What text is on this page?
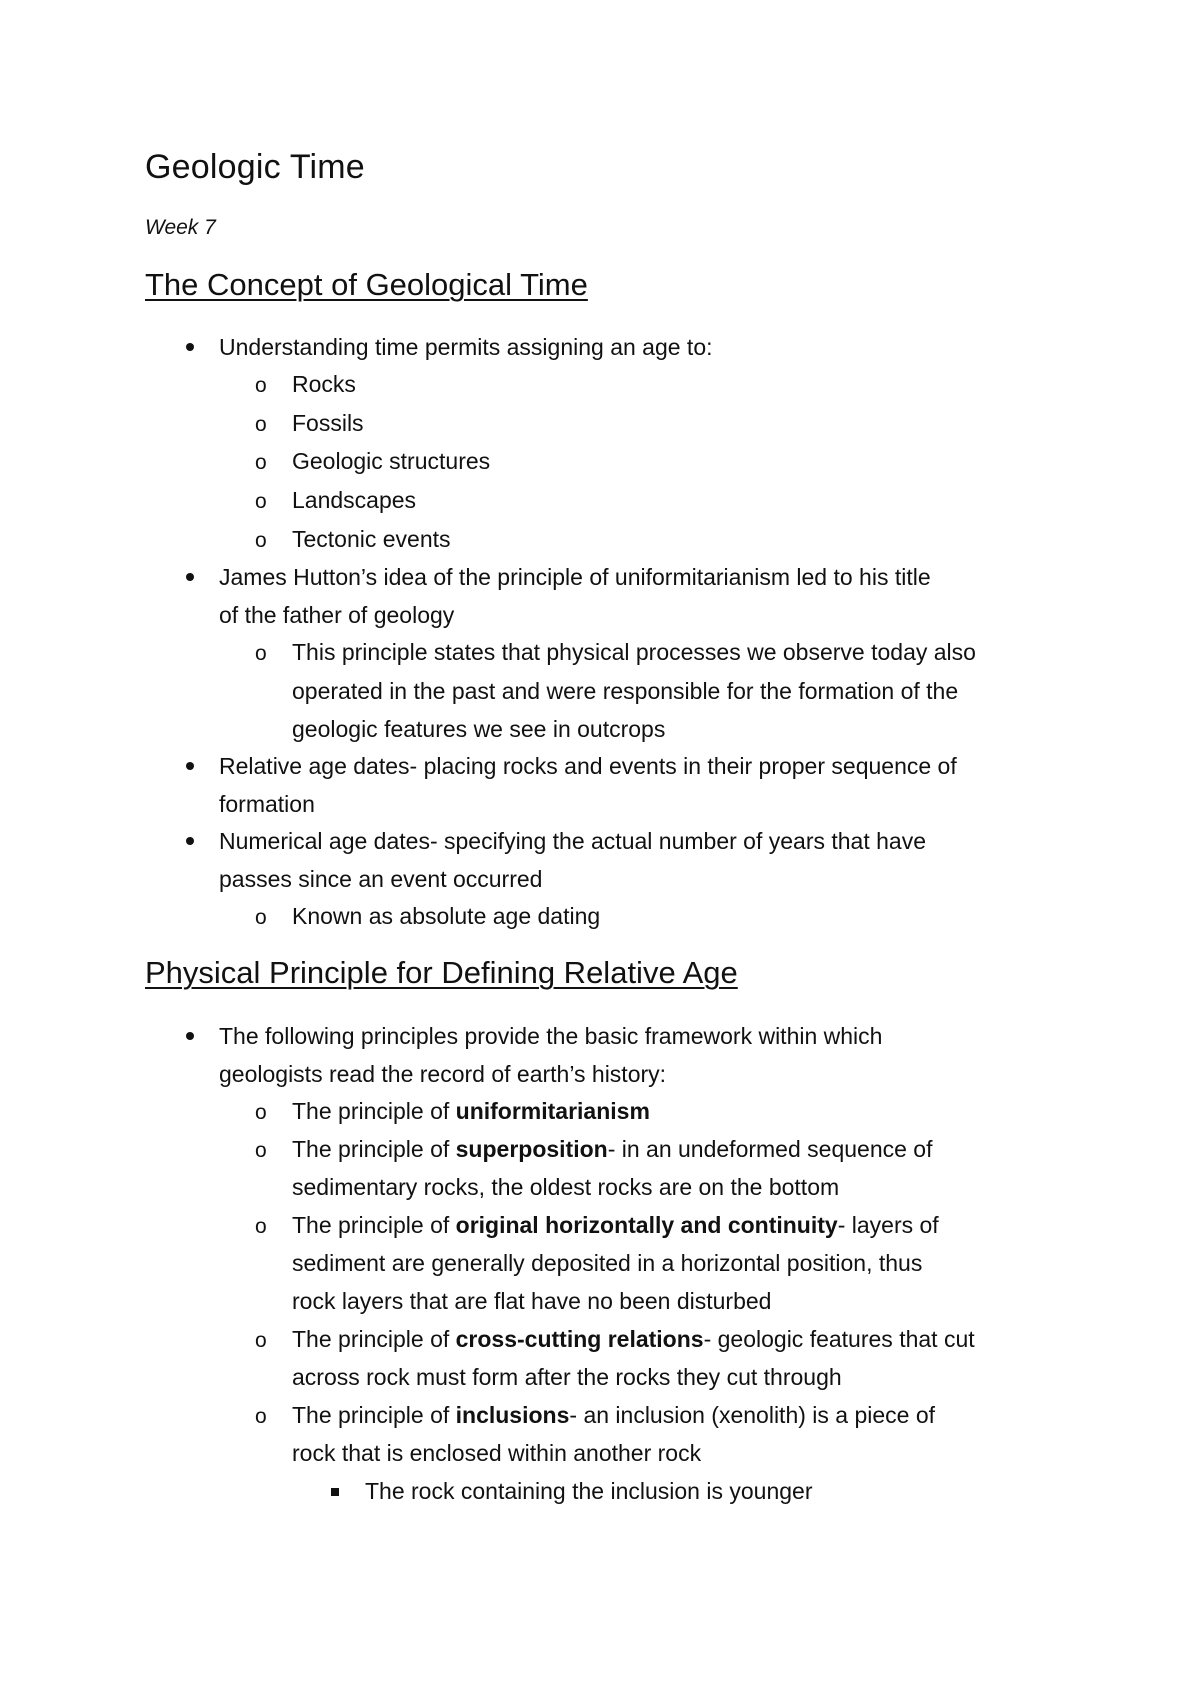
Geologic Time
Week 7
The Concept of Geological Time
Understanding time permits assigning an age to:
o Rocks
o Fossils
o Geologic structures
o Landscapes
o Tectonic events
James Hutton’s idea of the principle of uniformitarianism led to his title
of the father of geology
o This principle states that physical processes we observe today also
operated in the past and were responsible for the formation of the
geologic features we see in outcrops
Relative age dates- placing rocks and events in their proper sequence of
formation
Numerical age dates- specifying the actual number of years that have
passes since an event occurred
o Known as absolute age dating
Physical Principle for Defining Relative Age
The following principles provide the basic framework within which
geologists read the record of earth’s history:
o The principle of uniformitarianism
o The principle of superposition- in an undeformed sequence of
sedimentary rocks, the oldest rocks are on the bottom
o The principle of original horizontally and continuity- layers of
sediment are generally deposited in a horizontal position, thus
rock layers that are flat have no been disturbed
o The principle of cross-cutting relations- geologic features that cut
across rock must form after the rocks they cut through
o The principle of inclusions- an inclusion (xenolith) is a piece of
rock that is enclosed within another rock
The rock containing the inclusion is younger
